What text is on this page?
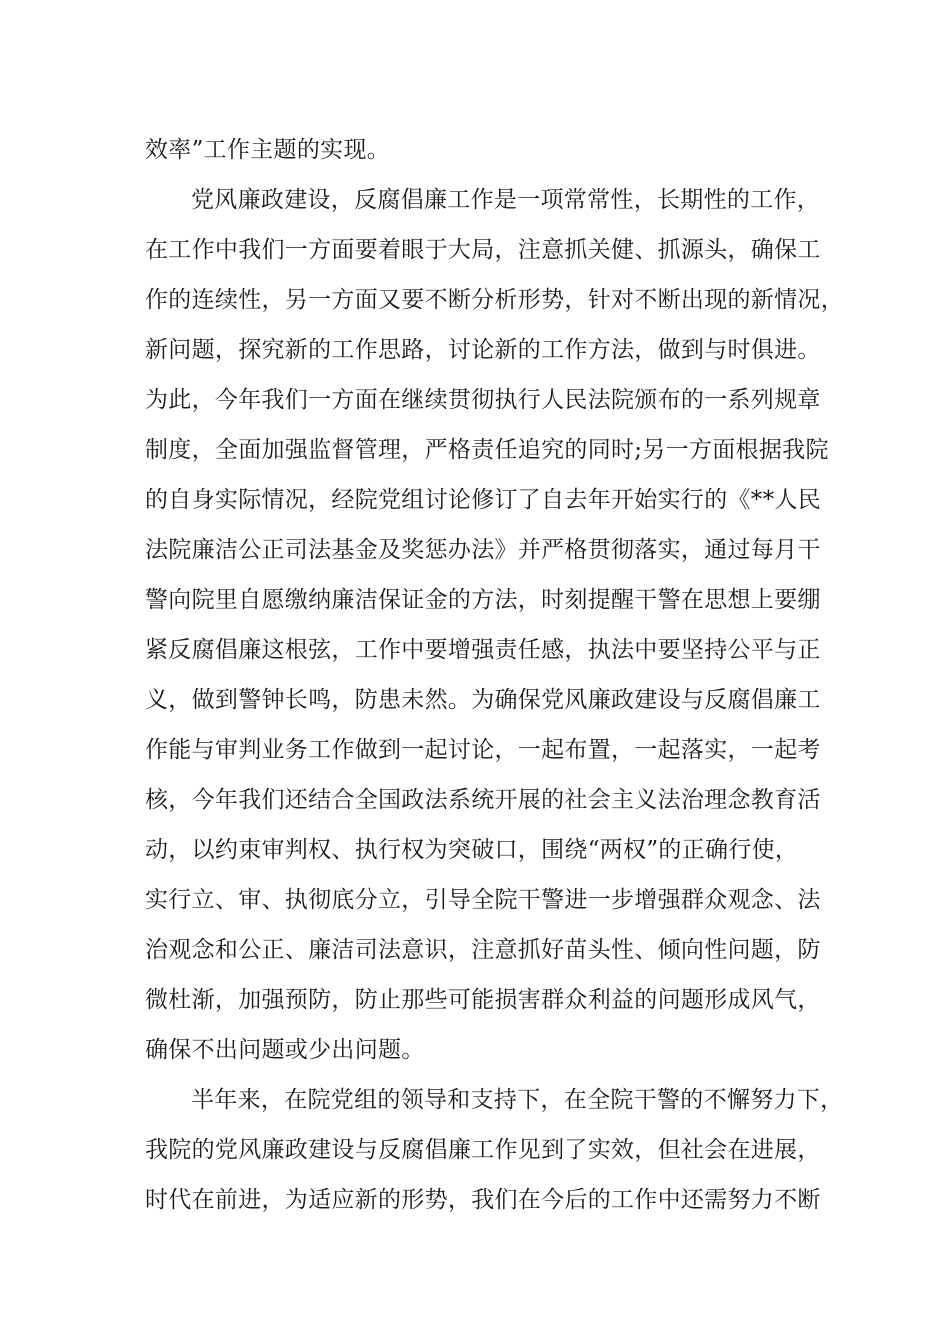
效率”工作主题的实现。
党风廉政建设，反腐倡廉工作是一项常常性，长期性的工作，
在工作中我们一方面要着眼于大局，注意抓关健、抓源头，确保工
作的连续性，另一方面又要不断分析形势，针对不断出现的新情况，
新问题，探究新的工作思路，讨论新的工作方法，做到与时俱进。
为此，今年我们一方面在继续贯彻执行人民法院颁布的一系列规章
制度，全面加强监督管理，严格责任追究的同时;另一方面根据我院
的自身实际情况，经院党组讨论修订了自去年开始实行的《**人民
法院廉洁公正司法基金及奖惩办法》并严格贯彻落实，通过每月干
警向院里自愿缴纳廉洁保证金的方法，时刻提醒干警在思想上要绷
紧反腐倡廉这根弦，工作中要增强责任感，执法中要坚持公平与正
义，做到警钟长鸣，防患未然。为确保党风廉政建设与反腐倡廉工
作能与审判业务工作做到一起讨论，一起布置，一起落实，一起考
核，今年我们还结合全国政法系统开展的社会主义法治理念教育活
动，以约束审判权、执行权为突破口，围绕“两权”的正确行使，
实行立、审、执彻底分立，引导全院干警进一步增强群众观念、法
治观念和公正、廉洁司法意识，注意抓好苗头性、倾向性问题，防
微杜渐，加强预防，防止那些可能损害群众利益的问题形成风气，
确保不出问题或少出问题。
半年来，在院党组的领导和支持下，在全院干警的不懈努力下，
我院的党风廉政建设与反腐倡廉工作见到了实效，但社会在进展，
时代在前进，为适应新的形势，我们在今后的工作中还需努力不断
